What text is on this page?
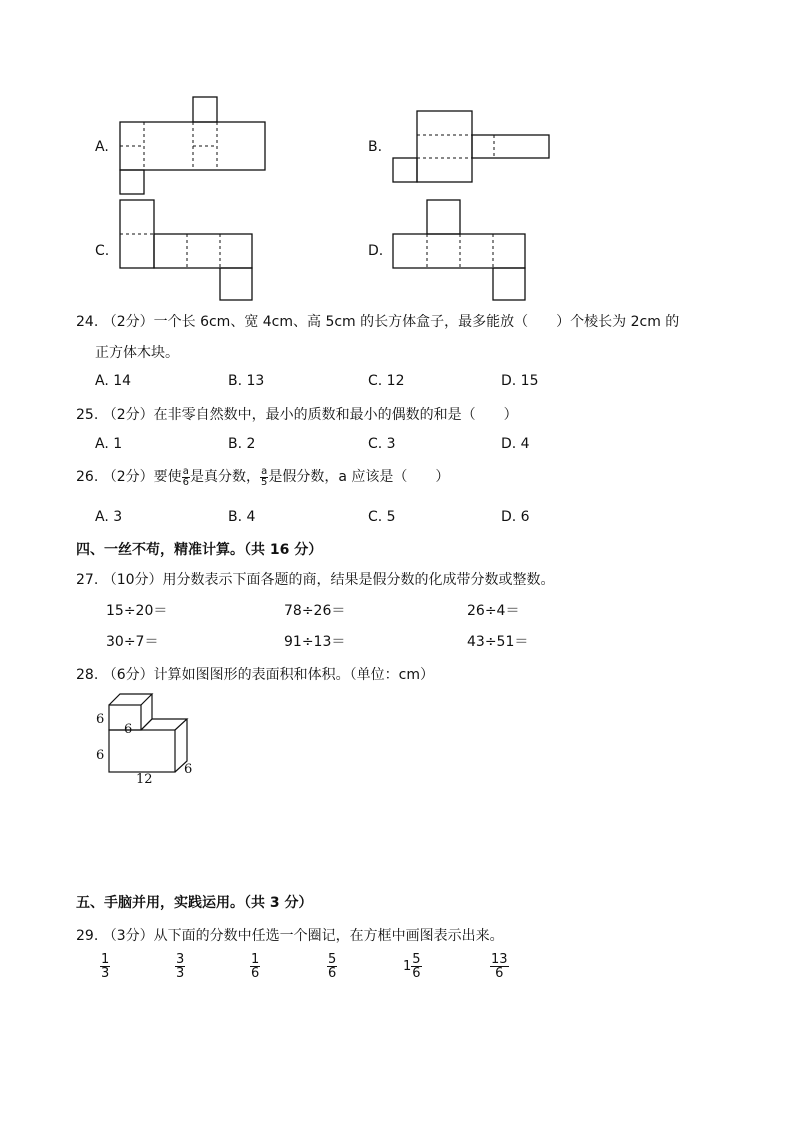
A.	B.
C.	D.
24. （2分）一个长 6cm、宽 4cm、高 5cm 的长方体盒子，最多能放（　　）个棱长为 2cm 的
正方体木块。
A. 14	B. 13	C. 12	D. 15
25. （2分）在非零自然数中，最小的质数和最小的偶数的和是（　　）
A. 1	B. 2	C. 3	D. 4
26. （2分）要使 $\frac{a}{6}$ 是真分数， $\frac{a}{5}$ 是假分数，a 应该是（　　）
A. 3	B. 4	C. 5	D. 6
四、一丝不苟，精准计算。（共 16 分）
27. （10分）用分数表示下面各题的商，结果是假分数的化成带分数或整数。
15÷20＝	78÷26＝	26÷4＝
30÷7＝	91÷13＝	43÷51＝
28. （6分）计算如图图形的表面积和体积。（单位：cm）
6
6
6
12
6
五、手脑并用，实践运用。（共 3 分）
29. （3分）从下面的分数中任选一个圈记，在方框中画图表示出来。
$\frac{1}{3}$	$\frac{3}{3}$	$\frac{1}{6}$	$\frac{5}{6}$	$1 \frac{5}{6}$	$\frac{13}{6}$
